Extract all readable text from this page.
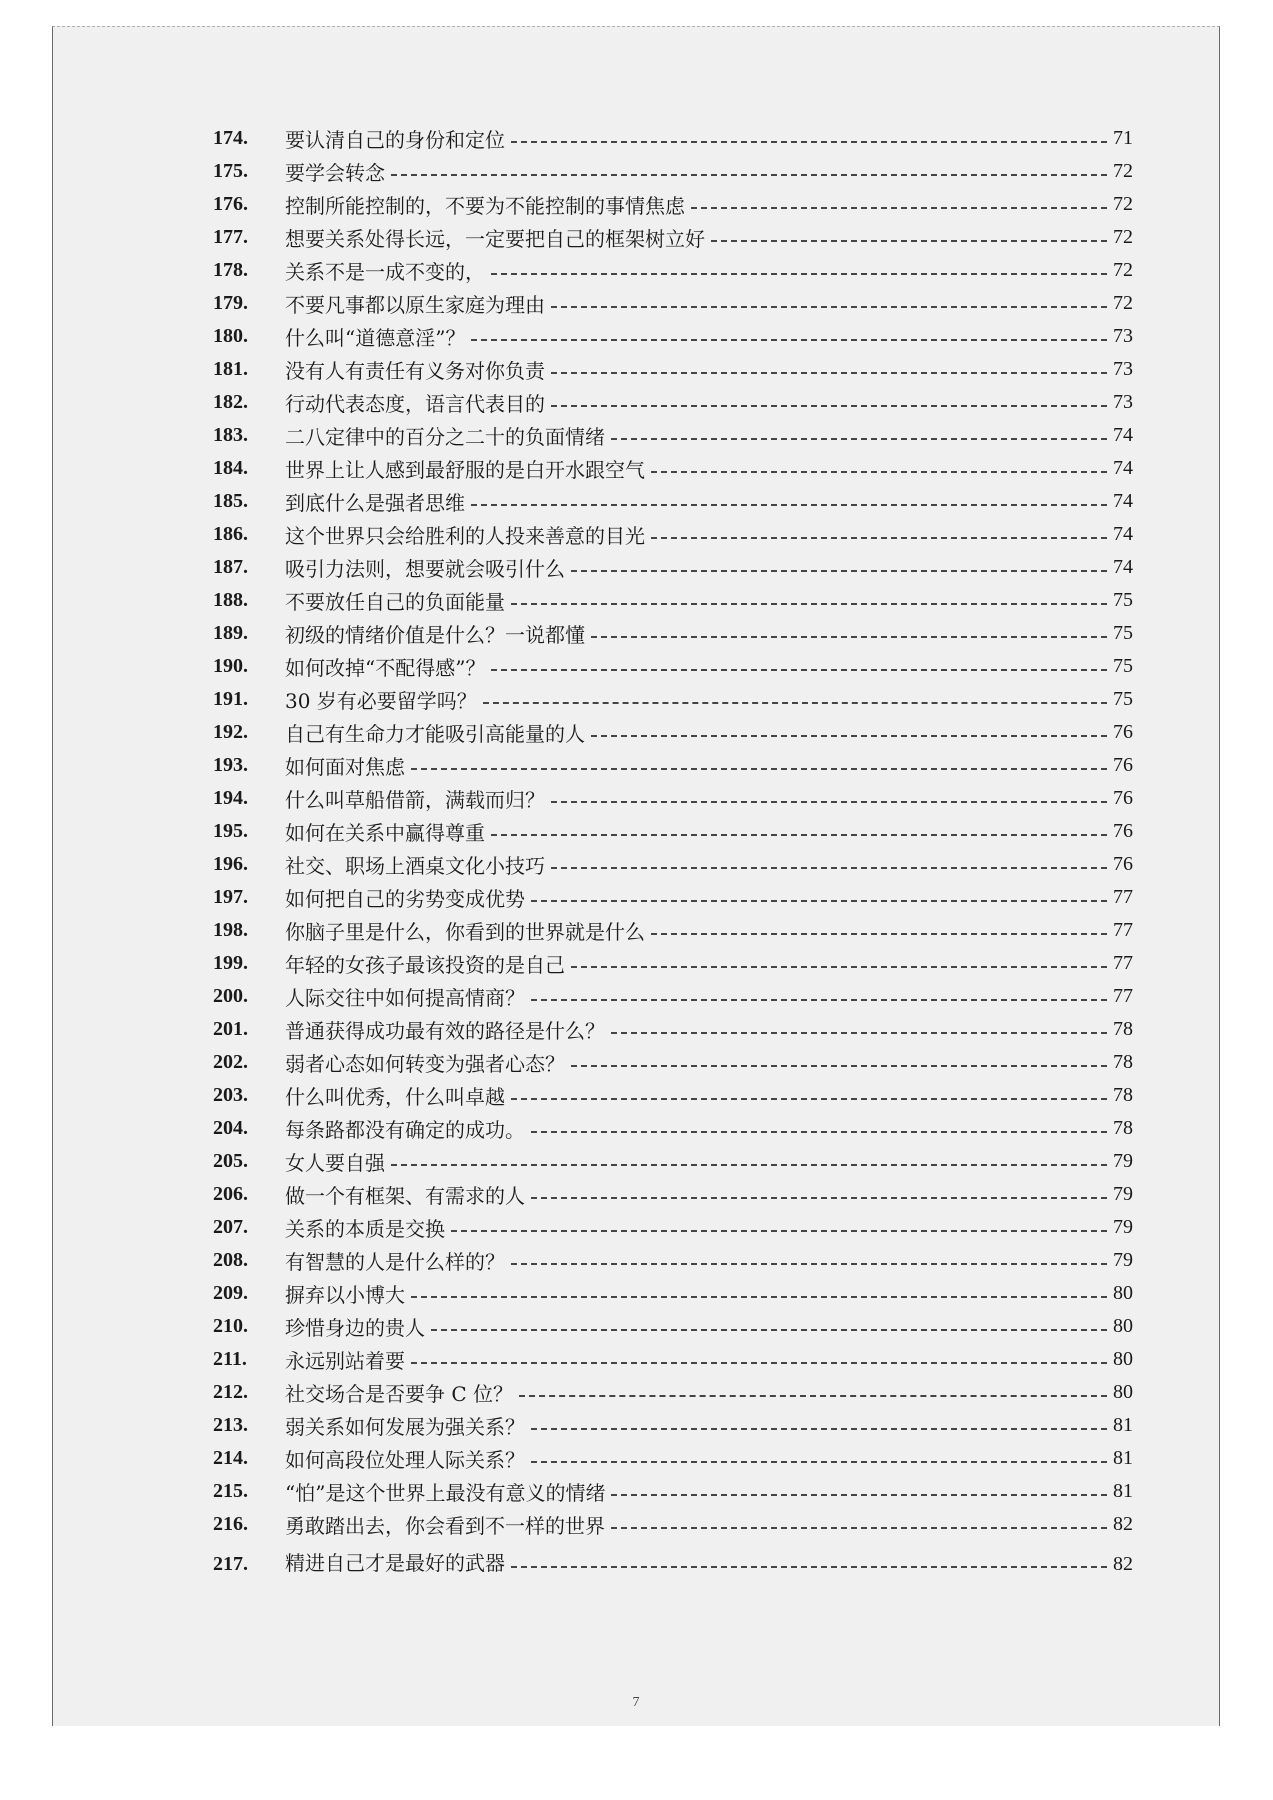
174.	要认清自己的身份和定位	71
175.	要学会转念	72
176.	控制所能控制的，不要为不能控制的事情焦虑	72
177.	想要关系处得长远，一定要把自己的框架树立好	72
178.	关系不是一成不变的，	72
179.	不要凡事都以原生家庭为理由	72
180.	什么叫“道德意淫”？	73
181.	没有人有责任有义务对你负责	73
182.	行动代表态度，语言代表目的	73
183.	二八定律中的百分之二十的负面情绪	74
184.	世界上让人感到最舒服的是白开水跟空气	74
185.	到底什么是强者思维	74
186.	这个世界只会给胜利的人投来善意的目光	74
187.	吸引力法则，想要就会吸引什么	74
188.	不要放任自己的负面能量	75
189.	初级的情绪价值是什么？一说都懂	75
190.	如何改掉“不配得感”？	75
191.	30 岁有必要留学吗？	75
192.	自己有生命力才能吸引高能量的人	76
193.	如何面对焦虑	76
194.	什么叫草船借箭，满载而归？	76
195.	如何在关系中赢得尊重	76
196.	社交、职场上酒桌文化小技巧	76
197.	如何把自己的劣势变成优势	77
198.	你脑子里是什么，你看到的世界就是什么	77
199.	年轻的女孩子最该投资的是自己	77
200.	人际交往中如何提高情商？	77
201.	普通获得成功最有效的路径是什么？	78
202.	弱者心态如何转变为强者心态？	78
203.	什么叫优秀，什么叫卓越	78
204.	每条路都没有确定的成功。	78
205.	女人要自强	79
206.	做一个有框架、有需求的人	79
207.	关系的本质是交换	79
208.	有智慧的人是什么样的？	79
209.	摒弃以小博大	80
210.	珍惜身边的贵人	80
211.	永远别站着要	80
212.	社交场合是否要争 C 位？	80
213.	弱关系如何发展为强关系？	81
214.	如何高段位处理人际关系？	81
215.	“怕”是这个世界上最没有意义的情绪	81
216.	勇敢踏出去，你会看到不一样的世界	82
217.	精进自己才是最好的武器	82
7
